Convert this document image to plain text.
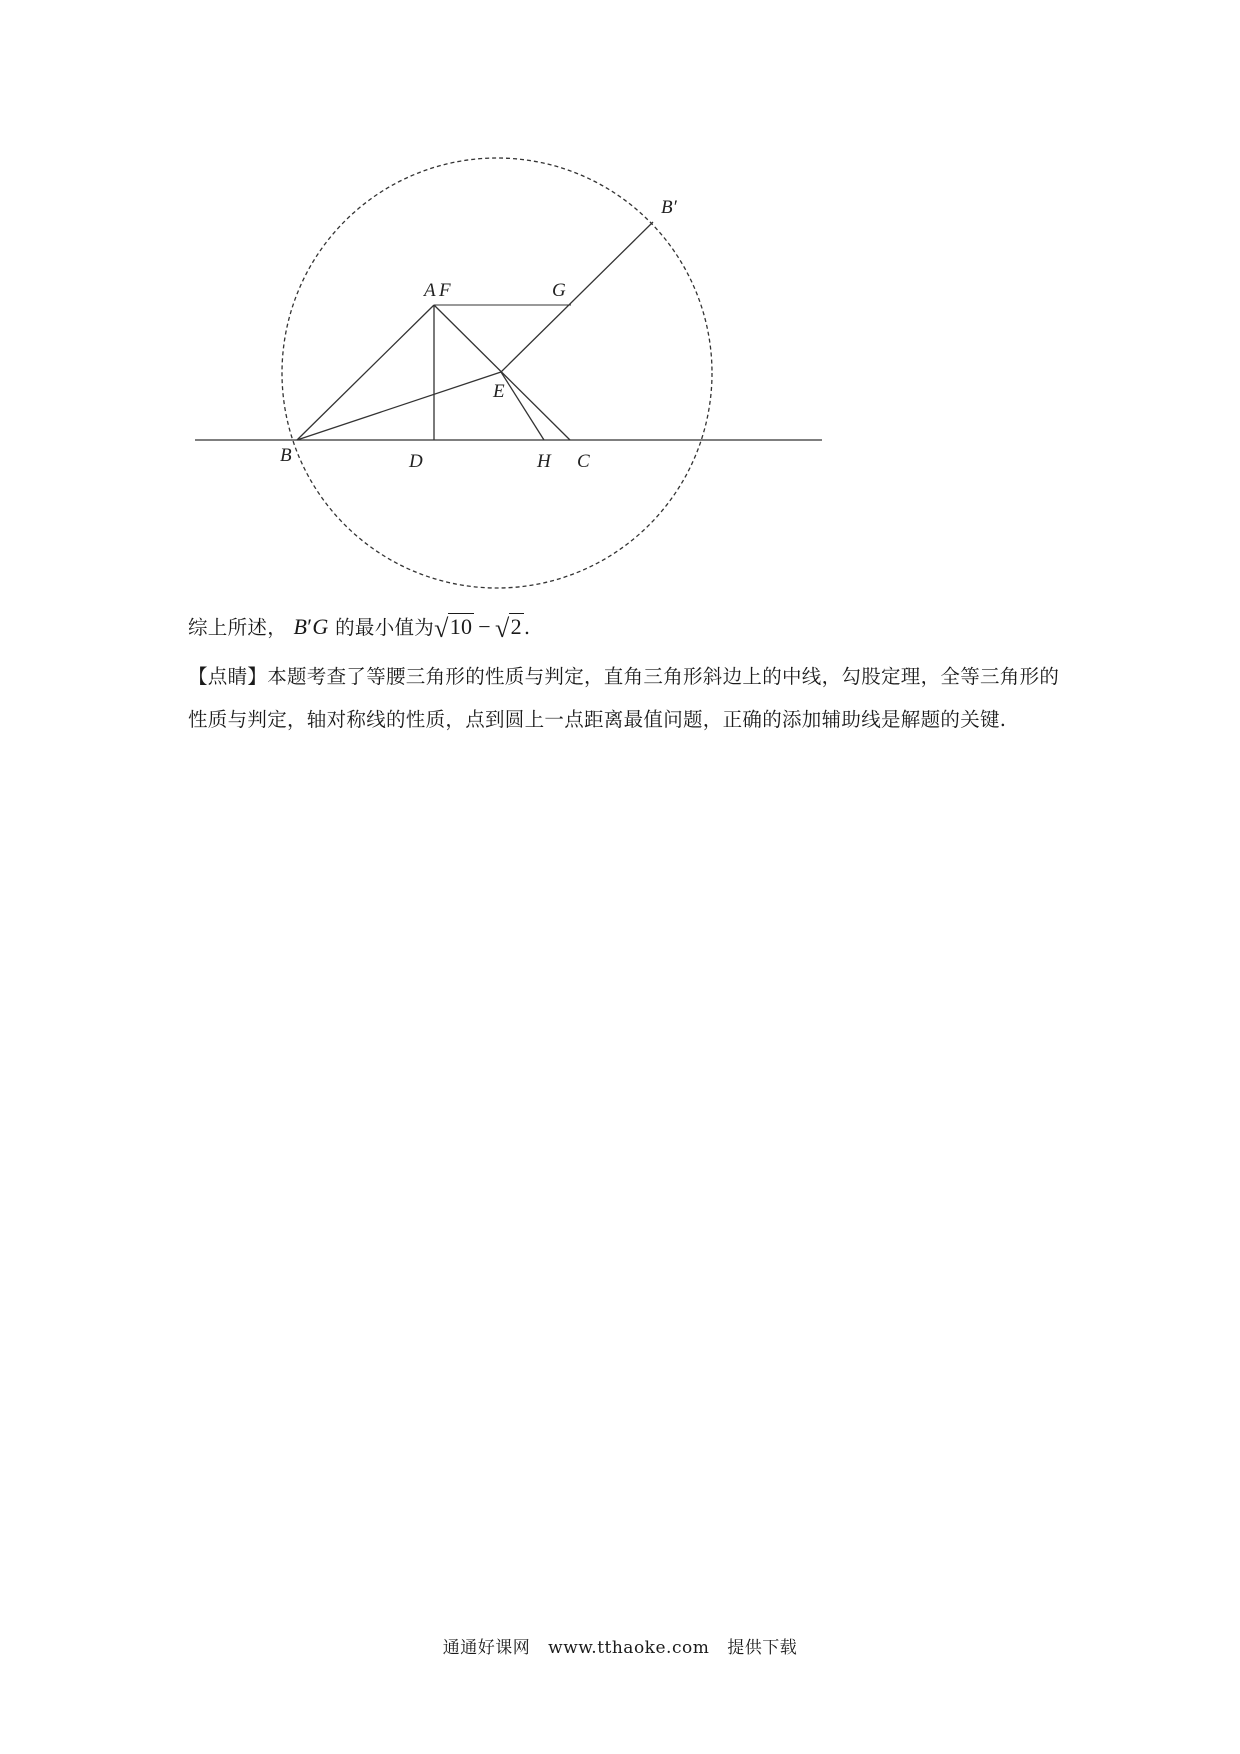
B′
A F	G
E
B	D	H C
综上所述， B′G 的最小值为√10 − √2 .
【点睛】本题考查了等腰三角形的性质与判定，直角三角形斜边上的中线，勾股定理，全等三角形的性质与判定，轴对称线的性质，点到圆上一点距离最值问题，正确的添加辅助线是解题的关键.
通通好课网 www.tthaoke.com 提供下载
